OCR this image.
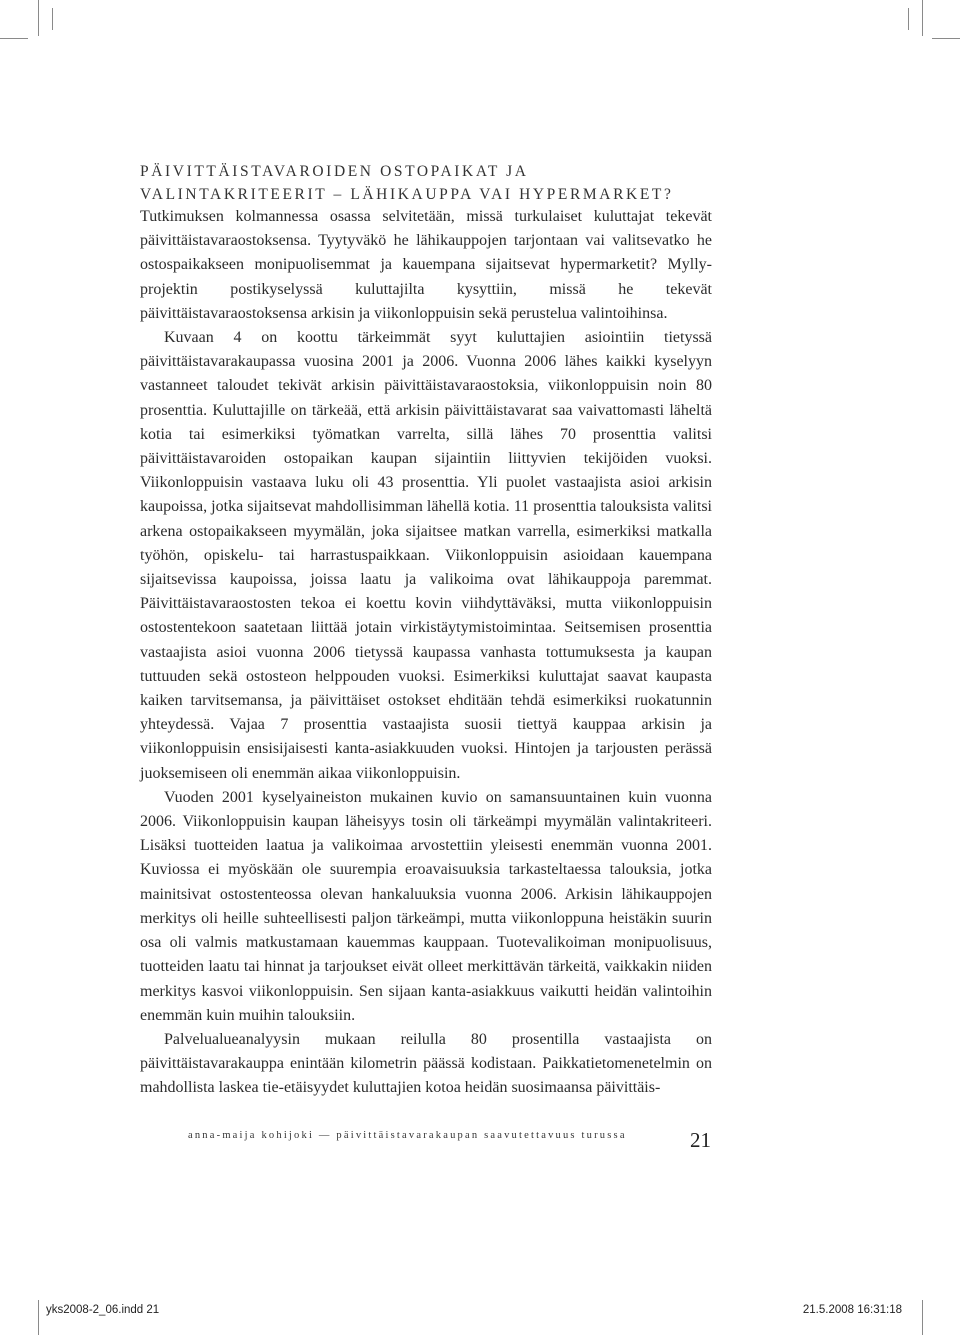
PÄIVITTÄISTAVAROIDEN OSTOPAIKAT JA
VALINTAKRITEERIT – LÄHIKAUPPA VAI HYPERMARKET?

Tutkimuksen kolmannessa osassa selvitetään, missä turkulaiset kuluttajat tekevät päivittäistavaraostoksensa. Tyytyväkö he lähikauppojen tarjontaan vai valitsevatko he ostospaikakseen monipuolisemmat ja kauempana sijaitsevat hypermarketit? Mylly-projektin postikyselyssä kuluttajilta kysyttiin, missä he tekevät päivittäistavaraostoksensa arkisin ja viikonloppuisin sekä perustelua valintoihinsa.

Kuvaan 4 on koottu tärkeimmät syyt kuluttajien asiointiin tietyssä päivittäistavarakaupassa vuosina 2001 ja 2006. Vuonna 2006 lähes kaikki kyselyyn vastanneet taloudet tekivät arkisin päivittäistavaraostoksia, viikonloppuisin noin 80 prosenttia. Kuluttajille on tärkeää, että arkisin päivittäistavarat saa vaivattomasti läheltä kotia tai esimerkiksi työmatkan varrelta, sillä lähes 70 prosenttia valitsi päivittäistavaroiden ostopaikan kaupan sijaintiin liittyvien tekijöiden vuoksi. Viikonloppuisin vastaava luku oli 43 prosenttia. Yli puolet vastaajista asioi arkisin kaupoissa, jotka sijaitsevat mahdollisimman lähellä kotia. 11 prosenttia talouksista valitsi arkena ostopaikakseen myymälän, joka sijaitsee matkan varrella, esimerkiksi matkalla työhön, opiskelu- tai harrastuspaikkaan. Viikonloppuisin asioidaan kauempana sijaitsevissa kaupoissa, joissa laatu ja valikoima ovat lähikauppoja paremmat. Päivittäistavaraostosten tekoa ei koettu kovin viihdyttäväksi, mutta viikonloppuisin ostostentekoon saatetaan liittää jotain virkistäytymistoimintaa. Seitsemisen prosenttia vastaajista asioi vuonna 2006 tietyssä kaupassa vanhasta tottumuksesta ja kaupan tuttuuden sekä ostosteon helppouden vuoksi. Esimerkiksi kuluttajat saavat kaupasta kaiken tarvitsemansa, ja päivittäiset ostokset ehditään tehdä esimerkiksi ruokatunnin yhteydessä. Vajaa 7 prosenttia vastaajista suosii tiettyä kauppaa arkisin ja viikonloppuisin ensisijaisesti kanta-asiakkuuden vuoksi. Hintojen ja tarjousten perässä juoksemiseen oli enemmän aikaa viikonloppuisin.

Vuoden 2001 kyselyaineiston mukainen kuvio on samansuuntainen kuin vuonna 2006. Viikonloppuisin kaupan läheisyys tosin oli tärkeämpi myymälän valintakriteeri. Lisäksi tuotteiden laatua ja valikoimaa arvostettiin yleisesti enemmän vuonna 2001. Kuviossa ei myöskään ole suurempia eroavaisuuksia tarkasteltaessa talouksia, jotka mainitsivat ostostenteossa olevan hankaluuksia vuonna 2006. Arkisin lähikauppojen merkitys oli heille suhteellisesti paljon tärkeämpi, mutta viikonloppuna heistäkin suurin osa oli valmis matkustamaan kauemmas kauppaan. Tuotevalikoiman monipuolisuus, tuotteiden laatu tai hinnat ja tarjoukset eivät olleet merkittävän tärkeitä, vaikkakin niiden merkitys kasvoi viikonloppuisin. Sen sijaan kanta-asiakkuus vaikutti heidän valintoihin enemmän kuin muihin talouksiin.

Palvelualueanalyysin mukaan reilulla 80 prosentilla vastaajista on päivittäistavarakauppa enintään kilometrin päässä kodistaan. Paikkatietomenetelmin on mahdollista laskea tie-etäisyydet kuluttajien kotoa heidän suosimaansa päivittäis-

anna-maija kohijoki — päivittäistavarakaupan saavutettavuus turussa	21
yks2008-2_06.indd 21	21.5.2008 16:31:18
